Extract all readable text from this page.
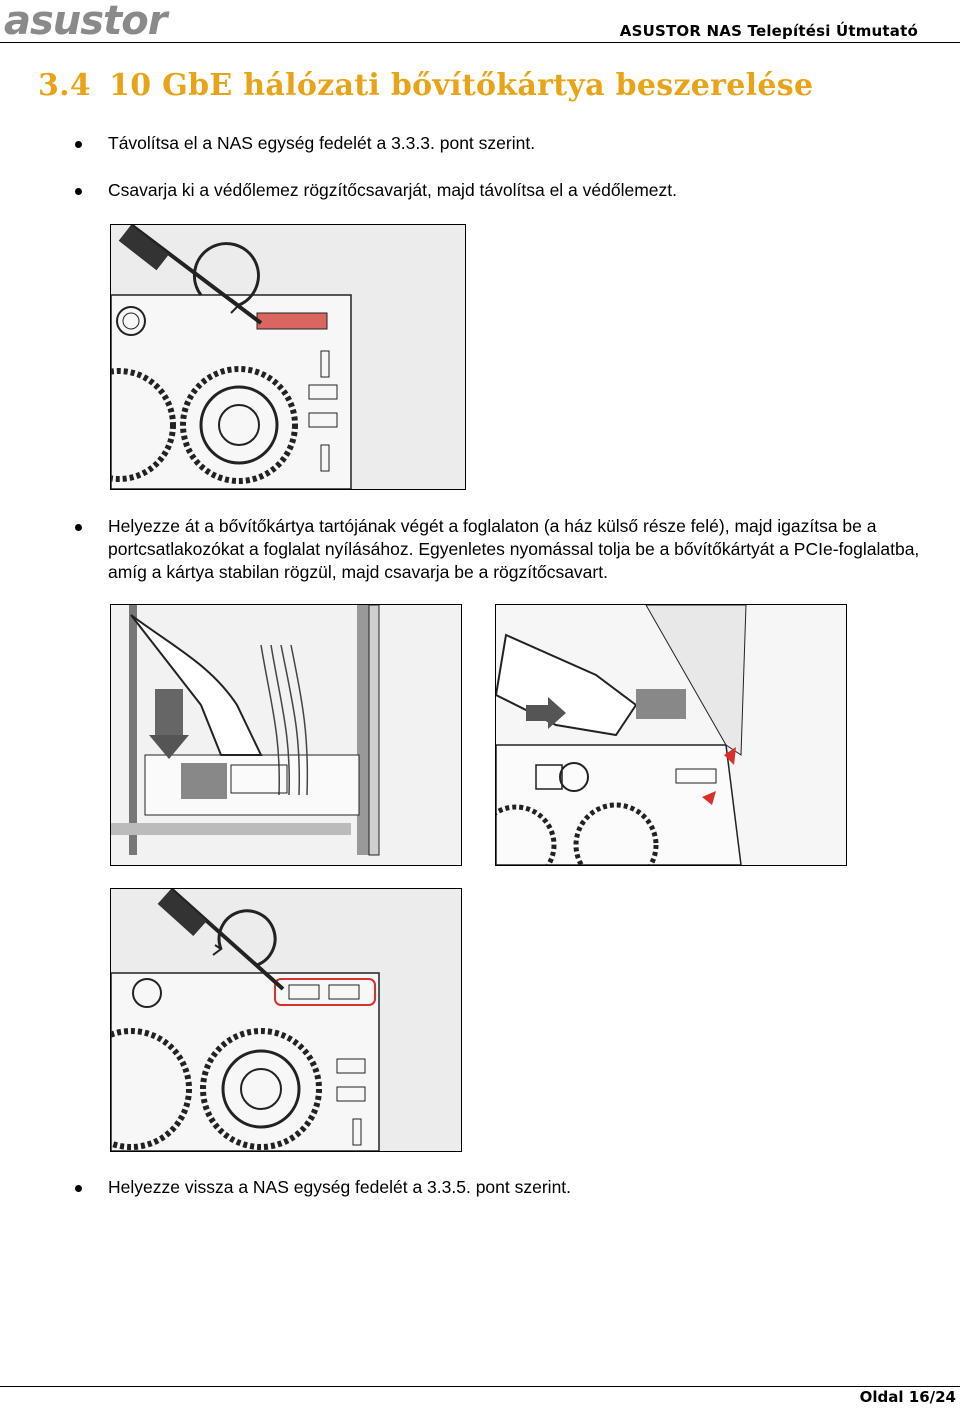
asustor	ASUSTOR NAS Telepítési Útmutató
3.4 10 GbE hálózati bővítőkártya beszerelése
Távolítsa el a NAS egység fedelét a 3.3.3. pont szerint.
Csavarja ki a védőlemez rögzítőcsavarját, majd távolítsa el a védőlemezt.
Helyezze át a bővítőkártya tartójának végét a foglalaton (a ház külső része felé), majd igazítsa be a portcsatlakozókat a foglalat nyílásához. Egyenletes nyomással tolja be a bővítőkártyát a PCIe-foglalatba, amíg a kártya stabilan rögzül, majd csavarja be a rögzítőcsavart.
Helyezze vissza a NAS egység fedelét a 3.3.5. pont szerint.
Oldal 16/24
